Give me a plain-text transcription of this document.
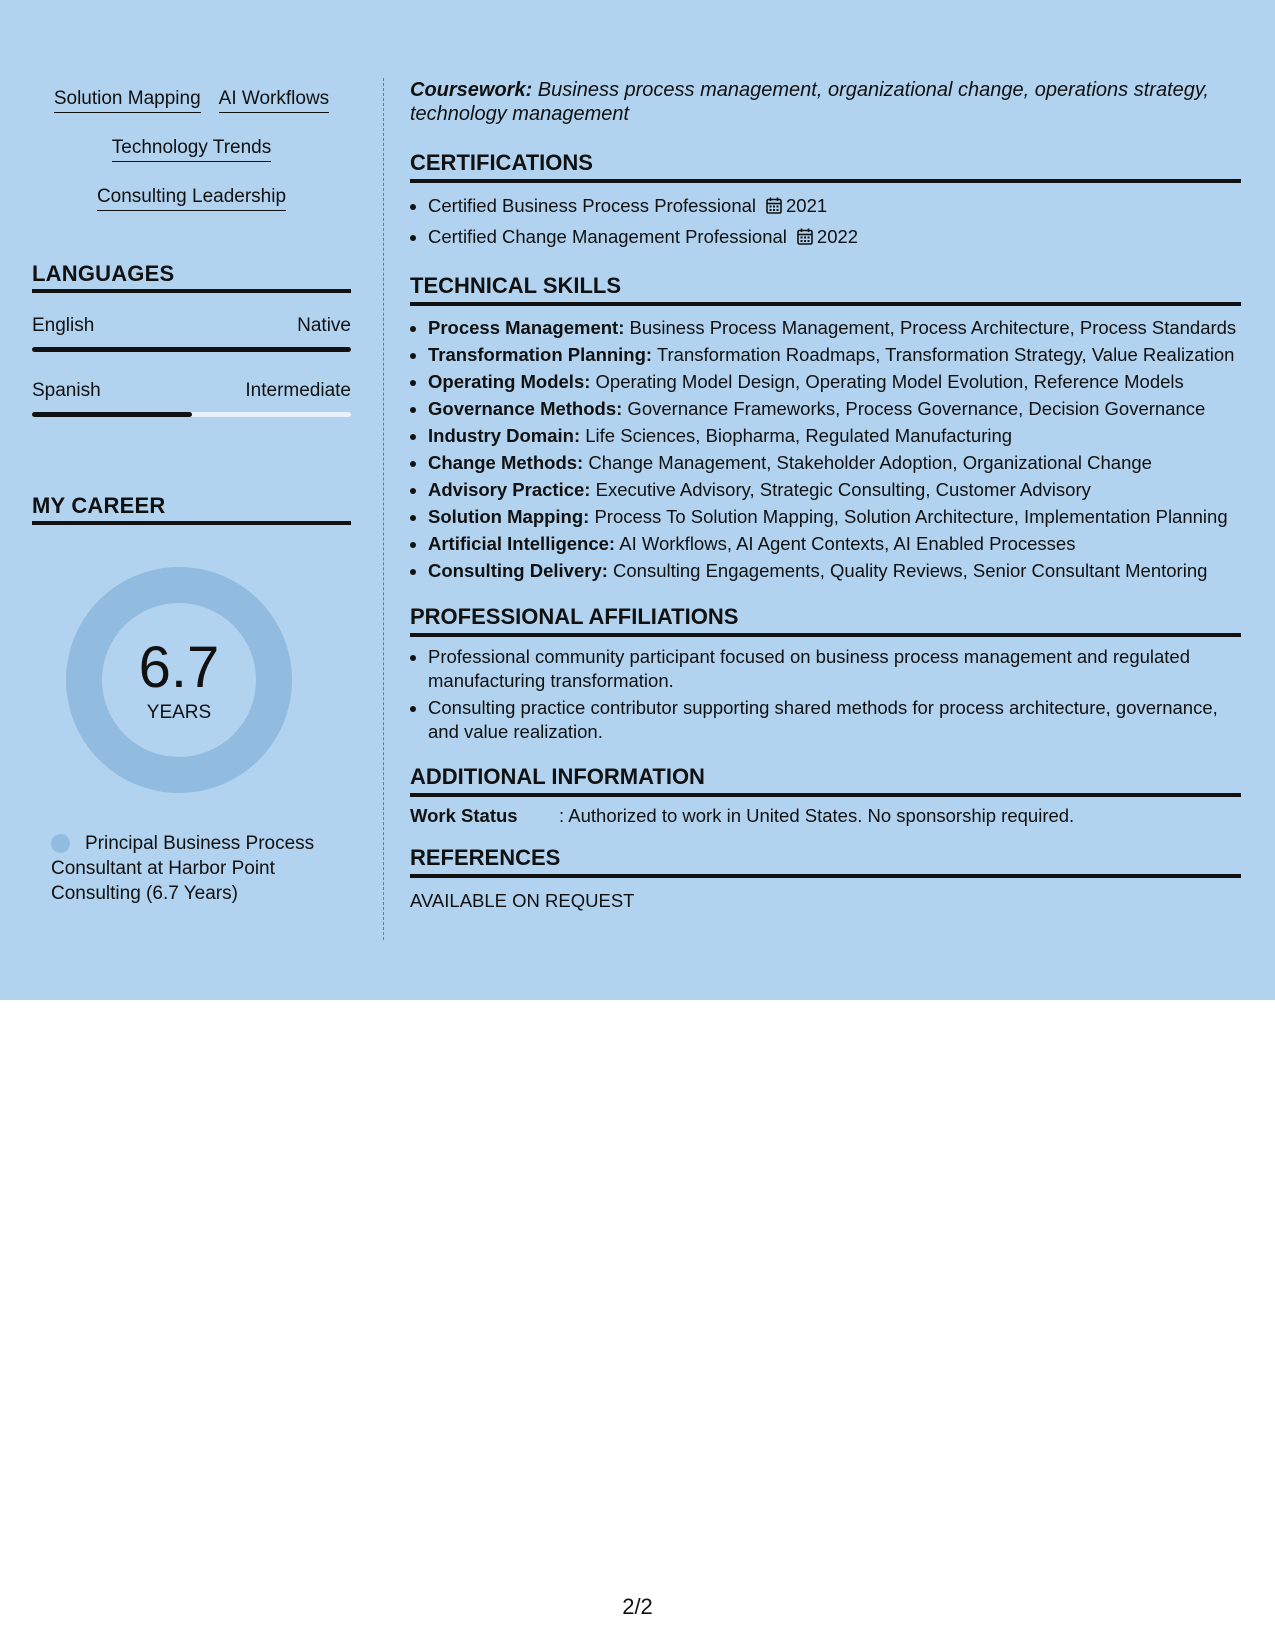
Solution Mapping AI Workflows
Technology Trends
Consulting Leadership
LANGUAGES
English	Native
Spanish	Intermediate
MY CAREER
6.7
YEARS
Principal Business Process Consultant at Harbor Point Consulting (6.7 Years)

Coursework: Business process management, organizational change, operations strategy, technology management

CERTIFICATIONS
• Certified Business Process Professional 2021
• Certified Change Management Professional 2022
TECHNICAL SKILLS
• Process Management: Business Process Management, Process Architecture, Process Standards
• Transformation Planning: Transformation Roadmaps, Transformation Strategy, Value Realization
• Operating Models: Operating Model Design, Operating Model Evolution, Reference Models
• Governance Methods: Governance Frameworks, Process Governance, Decision Governance
• Industry Domain: Life Sciences, Biopharma, Regulated Manufacturing
• Change Methods: Change Management, Stakeholder Adoption, Organizational Change
• Advisory Practice: Executive Advisory, Strategic Consulting, Customer Advisory
• Solution Mapping: Process To Solution Mapping, Solution Architecture, Implementation Planning
• Artificial Intelligence: AI Workflows, AI Agent Contexts, AI Enabled Processes
• Consulting Delivery: Consulting Engagements, Quality Reviews, Senior Consultant Mentoring
PROFESSIONAL AFFILIATIONS
• Professional community participant focused on business process management and regulated manufacturing transformation.
• Consulting practice contributor supporting shared methods for process architecture, governance, and value realization.
ADDITIONAL INFORMATION
Work Status	: Authorized to work in United States. No sponsorship required.
REFERENCES
AVAILABLE ON REQUEST
2/2
